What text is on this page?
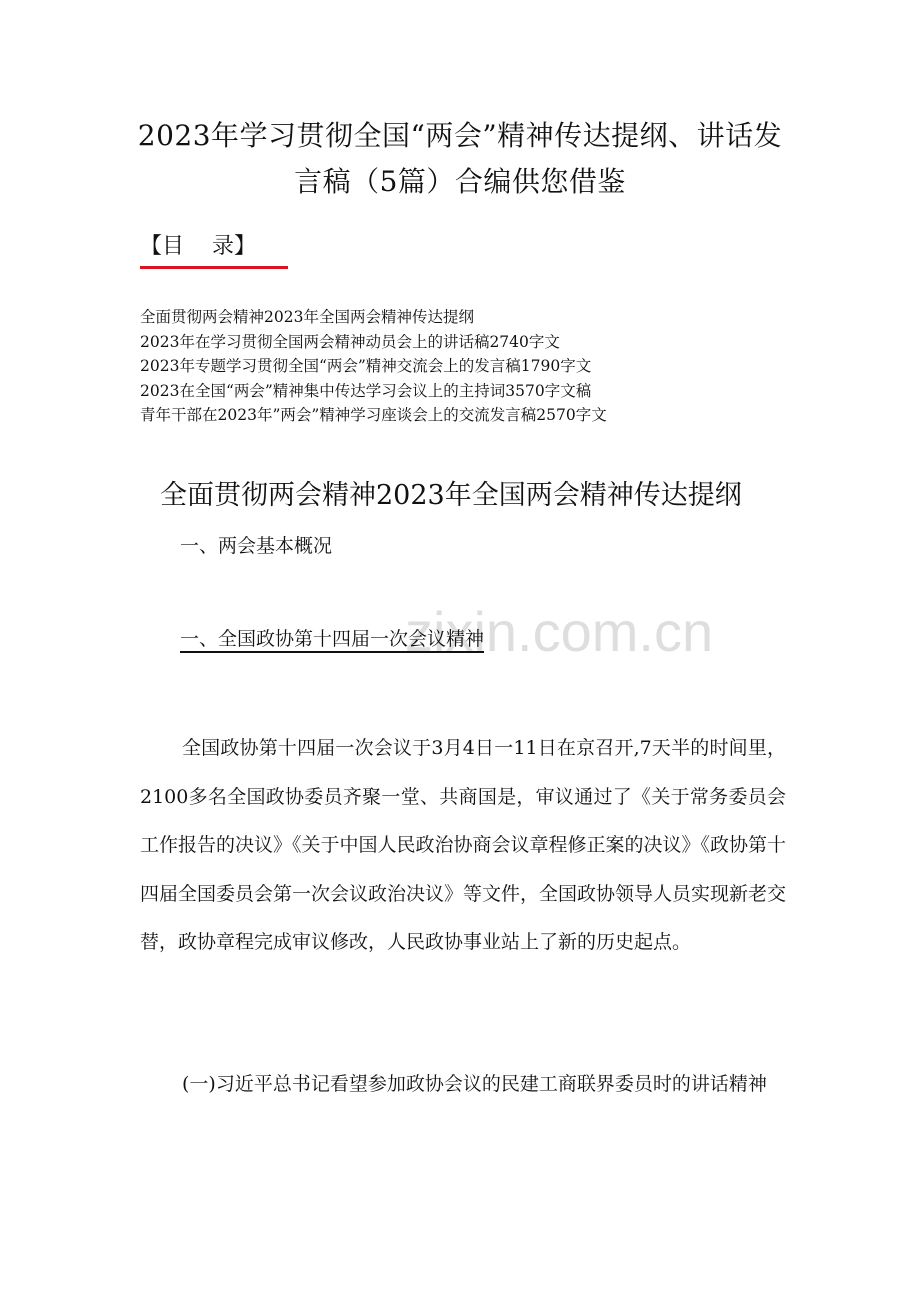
zixin.com.cn
2023年学习贯彻全国“两会”精神传达提纲、讲话发
言稿（5篇）合编供您借鉴
【目    录】
全面贯彻两会精神2023年全国两会精神传达提纲
2023年在学习贯彻全国两会精神动员会上的讲话稿2740字文
2023年专题学习贯彻全国“两会”精神交流会上的发言稿1790字文
2023在全国“两会”精神集中传达学习会议上的主持词3570字文稿
青年干部在2023年”两会”精神学习座谈会上的交流发言稿2570字文
全面贯彻两会精神2023年全国两会精神传达提纲
一、两会基本概况
一、全国政协第十四届一次会议精神

全国政协第十四届一次会议于3月4日一11日在京召开,7天半的时间里，2100多名全国政协委员齐聚一堂、共商国是，审议通过了《关于常务委员会工作报告的决议》《关于中国人民政治协商会议章程修正案的决议》《政协第十四届全国委员会第一次会议政治决议》等文件，全国政协领导人员实现新老交替，政协章程完成审议修改，人民政协事业站上了新的历史起点。

(一)习近平总书记看望参加政协会议的民建工商联界委员时的讲话精神
